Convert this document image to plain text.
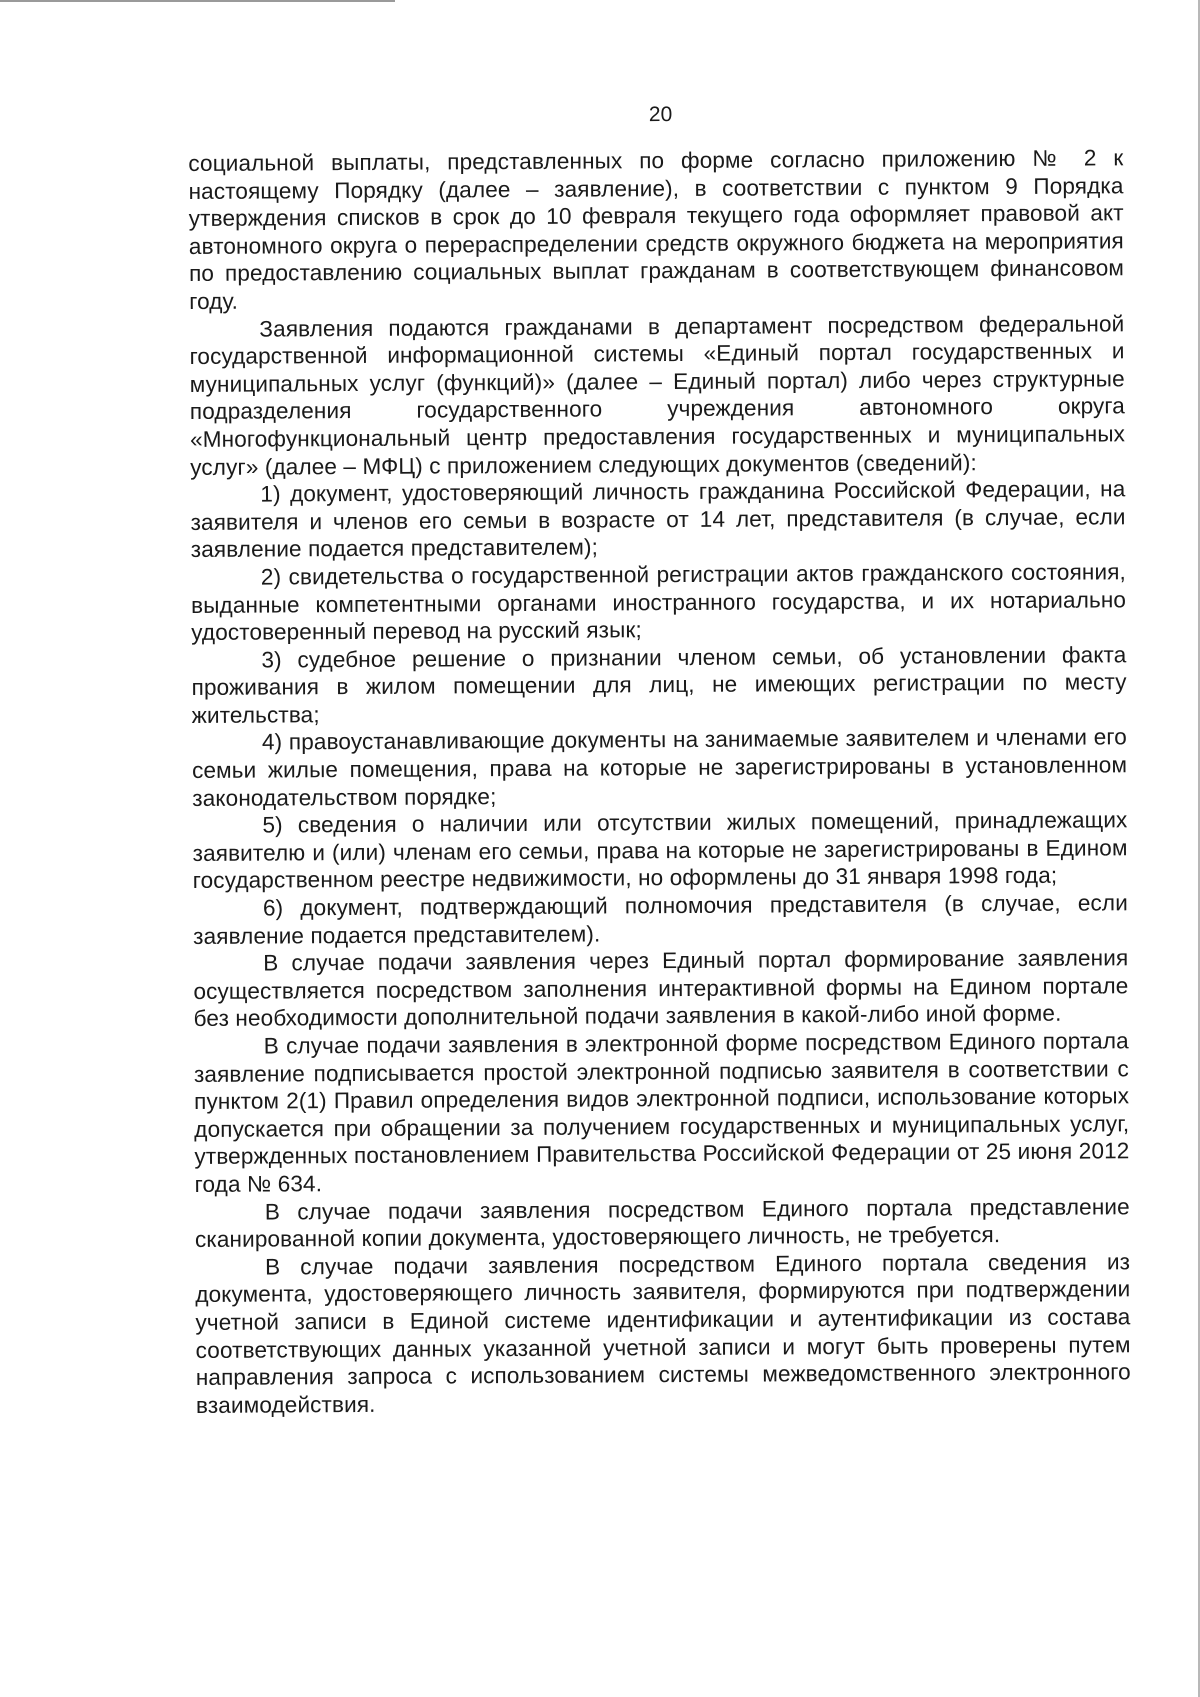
20

социальной выплаты, представленных по форме согласно приложению № 2 к настоящему Порядку (далее – заявление), в соответствии с пунктом 9 Порядка утверждения списков в срок до 10 февраля текущего года оформляет правовой акт автономного округа о перераспределении средств окружного бюджета на мероприятия по предоставлению социальных выплат гражданам в соответствующем финансовом году.

Заявления подаются гражданами в департамент посредством федеральной государственной информационной системы «Единый портал государственных и муниципальных услуг (функций)» (далее – Единый портал) либо через структурные подразделения государственного учреждения автономного округа «Многофункциональный центр предоставления государственных и муниципальных услуг» (далее – МФЦ) с приложением следующих документов (сведений):

1) документ, удостоверяющий личность гражданина Российской Федерации, на заявителя и членов его семьи в возрасте от 14 лет, представителя (в случае, если заявление подается представителем);

2) свидетельства о государственной регистрации актов гражданского состояния, выданные компетентными органами иностранного государства, и их нотариально удостоверенный перевод на русский язык;

3) судебное решение о признании членом семьи, об установлении факта проживания в жилом помещении для лиц, не имеющих регистрации по месту жительства;

4) правоустанавливающие документы на занимаемые заявителем и членами его семьи жилые помещения, права на которые не зарегистрированы в установленном законодательством порядке;

5) сведения о наличии или отсутствии жилых помещений, принадлежащих заявителю и (или) членам его семьи, права на которые не зарегистрированы в Едином государственном реестре недвижимости, но оформлены до 31 января 1998 года;

6) документ, подтверждающий полномочия представителя (в случае, если заявление подается представителем).

В случае подачи заявления через Единый портал формирование заявления осуществляется посредством заполнения интерактивной формы на Едином портале без необходимости дополнительной подачи заявления в какой-либо иной форме.

В случае подачи заявления в электронной форме посредством Единого портала заявление подписывается простой электронной подписью заявителя в соответствии с пунктом 2(1) Правил определения видов электронной подписи, использование которых допускается при обращении за получением государственных и муниципальных услуг, утвержденных постановлением Правительства Российской Федерации от 25 июня 2012 года № 634.

В случае подачи заявления посредством Единого портала представление сканированной копии документа, удостоверяющего личность, не требуется.

В случае подачи заявления посредством Единого портала сведения из документа, удостоверяющего личность заявителя, формируются при подтверждении учетной записи в Единой системе идентификации и аутентификации из состава соответствующих данных указанной учетной записи и могут быть проверены путем направления запроса с использованием системы межведомственного электронного взаимодействия.
